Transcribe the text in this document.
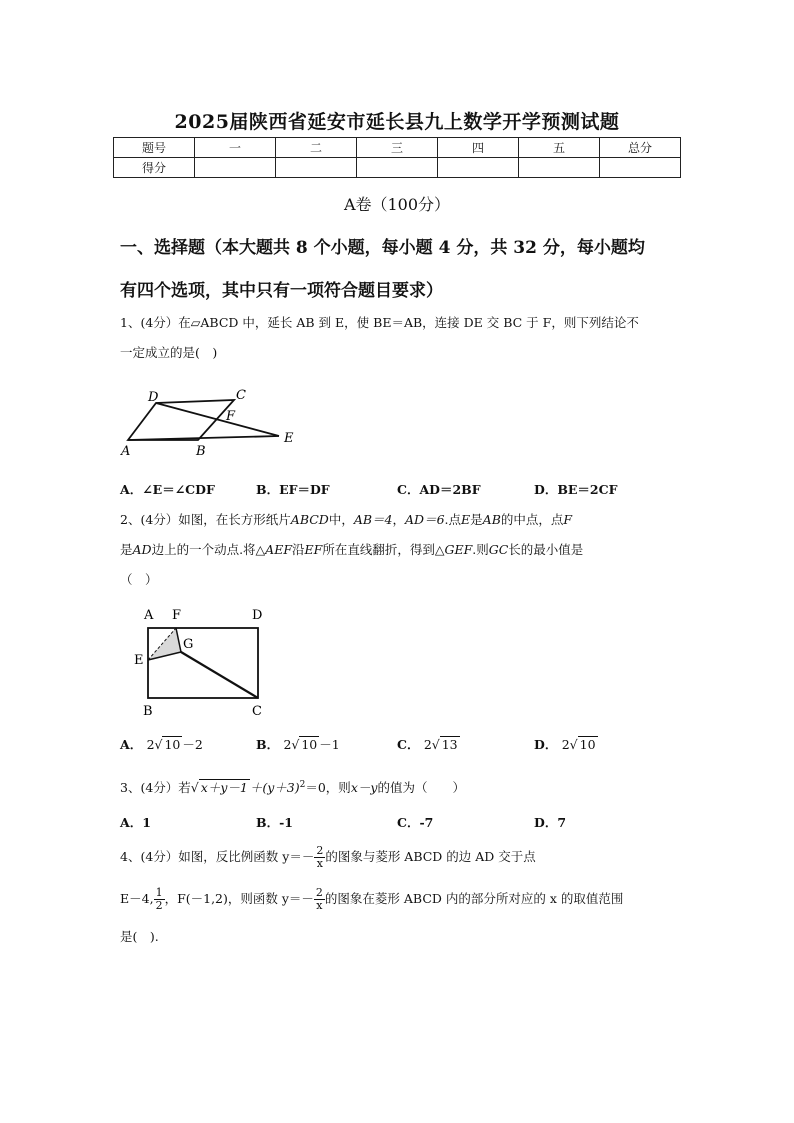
2025届陕西省延安市延长县九上数学开学预测试题
题号	一	二	三	四	五	总分
得分						
A卷（100分）
一、选择题（本大题共 8 个小题，每小题 4 分，共 32 分，每小题均
有四个选项，其中只有一项符合题目要求）
1、(4分）在▱ABCD 中，延长 AB 到 E，使 BE＝AB，连接 DE 交 BC 于 F，则下列结论不
一定成立的是(　)
D	C
F
A	B
E
A．∠E＝∠CDF	B．EF＝DF	C．AD＝2BF	D．BE＝2CF
2、(4分）如图，在长方形纸片ABCD中，AB＝4，AD＝6.点E是AB的中点，点F
是AD边上的一个动点.将△AEF沿EF所在直线翻折，得到△GEF.则GC长的最小值是
（　）
A F	D
G
E
B	C
A． 2√ 10 －2	B． 2√ 10 －1	C． 2√ 13	D． 2√ 10
3、(4分）若√ $x+y-1 +(y+3)^2=0$，则x－y的值为（　　）
A．1	B．-1	C．-7	D．7
4、(4分）如图，反比例函数 $y=- \frac{2}{x}$ 的图象与菱形 ABCD 的边 AD 交于点
E－4, $\frac{1}{2}$ ，F(－1,2)，则函数 $y=- \frac{2}{x}$ 的图象在菱形 ABCD 内的部分所对应的 x 的取值范围
是(　).
